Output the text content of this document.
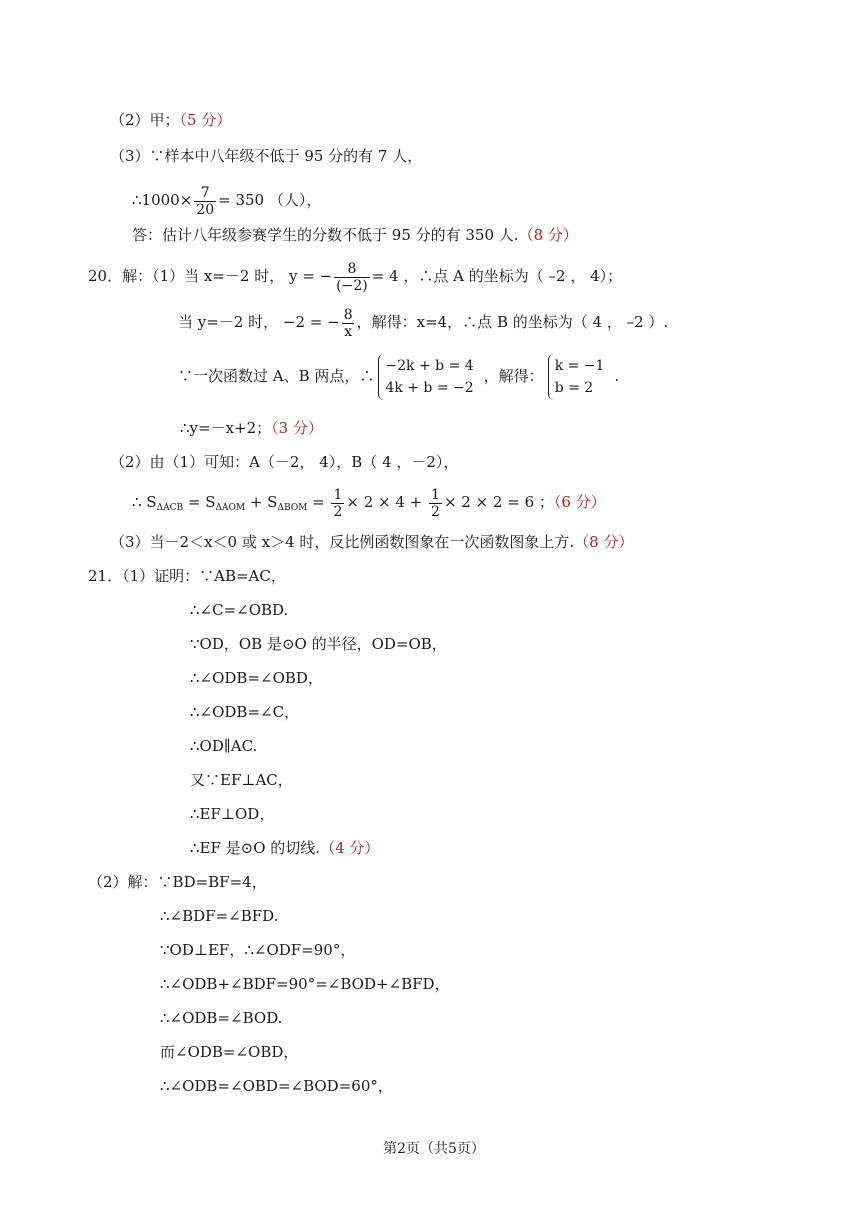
（2）甲；（5 分）
（3）∵样本中八年级不低于 95 分的有 7 人，
∴1000× $\frac{7}{20} = 350$ （人），
答：估计八年级参赛学生的分数不低于 95 分的有 350 人.（8 分）
20．解：（1）当 x=－2 时， y = − $\frac{8}{(-2)} = 4$ ，∴点 A 的坐标为（ –2 ， 4）；
当 y=－2 时， −2 = − $\frac{8}{x}$ ，解得：x=4，∴点 B 的坐标为（ 4 ， –2 ）.
∵一次函数过 A、B 两点，∴−2k + b = 4
4k + b = −2，解得：k = −1
b = 2.
∴y=－x+2；（3 分）
（2）由（1）可知：A（－2， 4），B（ 4 ，－2），
∴ $S_{\Delta ACB} = S_{\Delta AOM} + S_{\Delta BOM} = \frac{1}{2} \times 2 \times 4 + \frac{1}{2} \times 2 \times 2 = 6$ ；（6 分）
（3）当－2＜x＜0 或 x＞4 时，反比例函数图象在一次函数图象上方.（8 分）
21．（1）证明：∵AB=AC，
∴∠C=∠OBD.
∵OD，OB 是⊙O 的半径，OD=OB，
∴∠ODB=∠OBD，
∴∠ODB=∠C，
∴OD∥AC.
又∵EF⊥AC，
∴EF⊥OD，
∴EF 是⊙O 的切线.（4 分）
（2）解：∵BD=BF=4，
∴∠BDF=∠BFD.
∵OD⊥EF，∴∠ODF=90°，
∴∠ODB+∠BDF=90°=∠BOD+∠BFD，
∴∠ODB=∠BOD.
而∠ODB=∠OBD，
∴∠ODB=∠OBD=∠BOD=60°，
第2页（共5页）
